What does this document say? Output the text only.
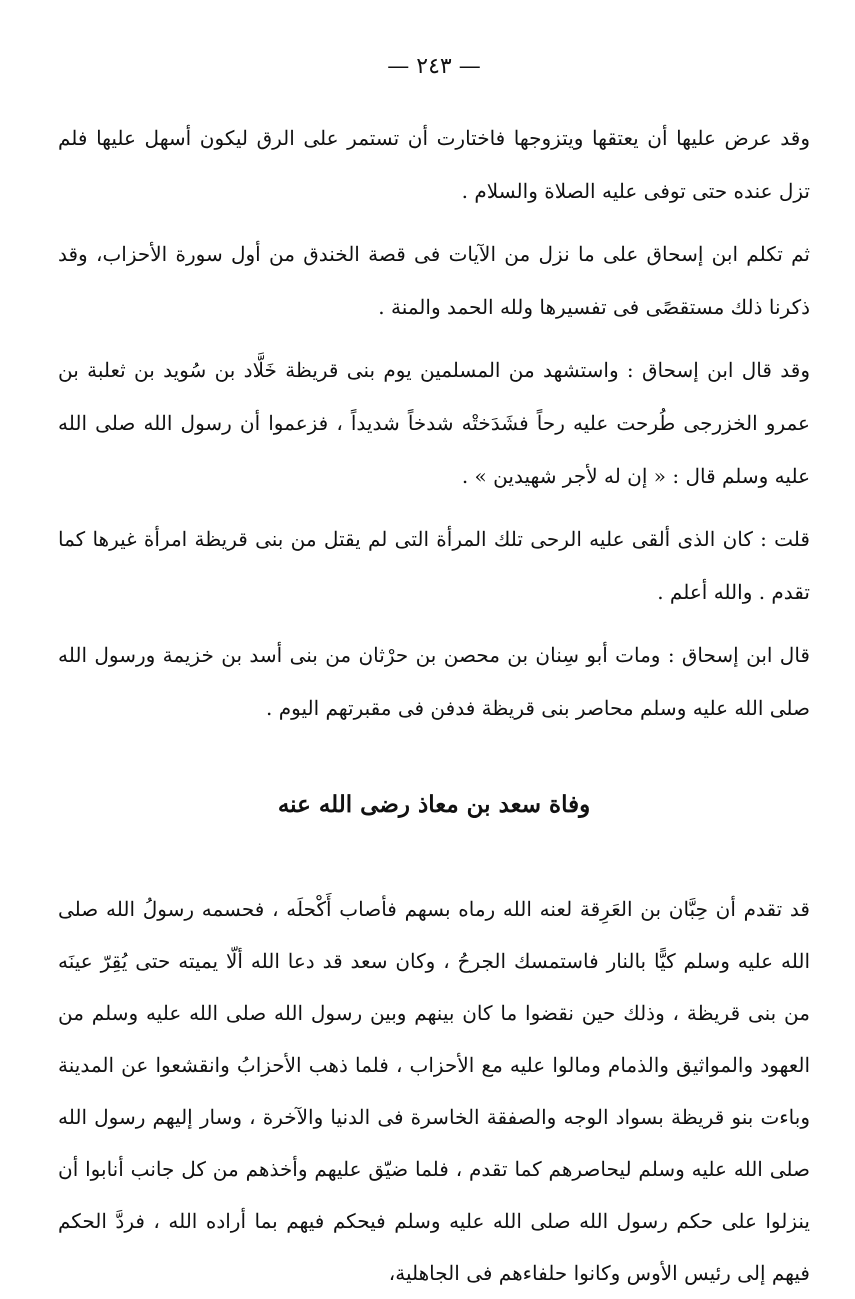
— ٢٤٣ —

وقد عرض عليها أن يعتقها ويتزوجها فاختارت أن تستمر على الرق ليكون أسهل عليها فلم تزل عنده حتى توفى عليه الصلاة والسلام .

ثم تكلم ابن إسحاق على ما نزل من الآيات فى قصة الخندق من أول سورة الأحزاب، وقد ذكرنا ذلك مستقصًى فى تفسيرها ولله الحمد والمنة .

وقد قال ابن إسحاق : واستشهد من المسلمين يوم بنى قريظة خَلَّاد بن سُويد بن ثعلبة بن عمرو الخزرجى طُرحت عليه رحاً فشَدَختْه شدخاً شديداً ، فزعموا أن رسول الله صلى الله عليه وسلم قال : « إن له لأجر شهيدين » .

قلت : كان الذى ألقى عليه الرحى تلك المرأة التى لم يقتل من بنى قريظة امرأة غيرها كما تقدم . والله أعلم .

قال ابن إسحاق : ومات أبو سِنان بن محصن بن حرْثان من بنى أسد بن خزيمة ورسول الله صلى الله عليه وسلم محاصر بنى قريظة فدفن فى مقبرتهم اليوم .

وفاة سعد بن معاذ رضى الله عنه

قد تقدم أن حِبَّان بن العَرِقة لعنه الله رماه بسهم فأصاب أَكْحلَه ، فحسمه رسولُ الله صلى الله عليه وسلم كيًّا بالنار فاستمسك الجرحُ ، وكان سعد قد دعا الله ألّا يميته حتى يُقِرّ عينَه من بنى قريظة ، وذلك حين نقضوا ما كان بينهم وبين رسول الله صلى الله عليه وسلم من العهود والمواثيق والذمام ومالوا عليه مع الأحزاب ، فلما ذهب الأحزابُ وانقشعوا عن المدينة وباءت بنو قريظة بسواد الوجه والصفقة الخاسرة فى الدنيا والآخرة ، وسار إليهم رسول الله صلى الله عليه وسلم ليحاصرهم كما تقدم ، فلما ضيّق عليهم وأخذهم من كل جانب أنابوا أن ينزلوا على حكم رسول الله صلى الله عليه وسلم فيحكم فيهم بما أراده الله ، فردَّ الحكم فيهم إلى رئيس الأوس وكانوا حلفاءهم فى الجاهلية،
